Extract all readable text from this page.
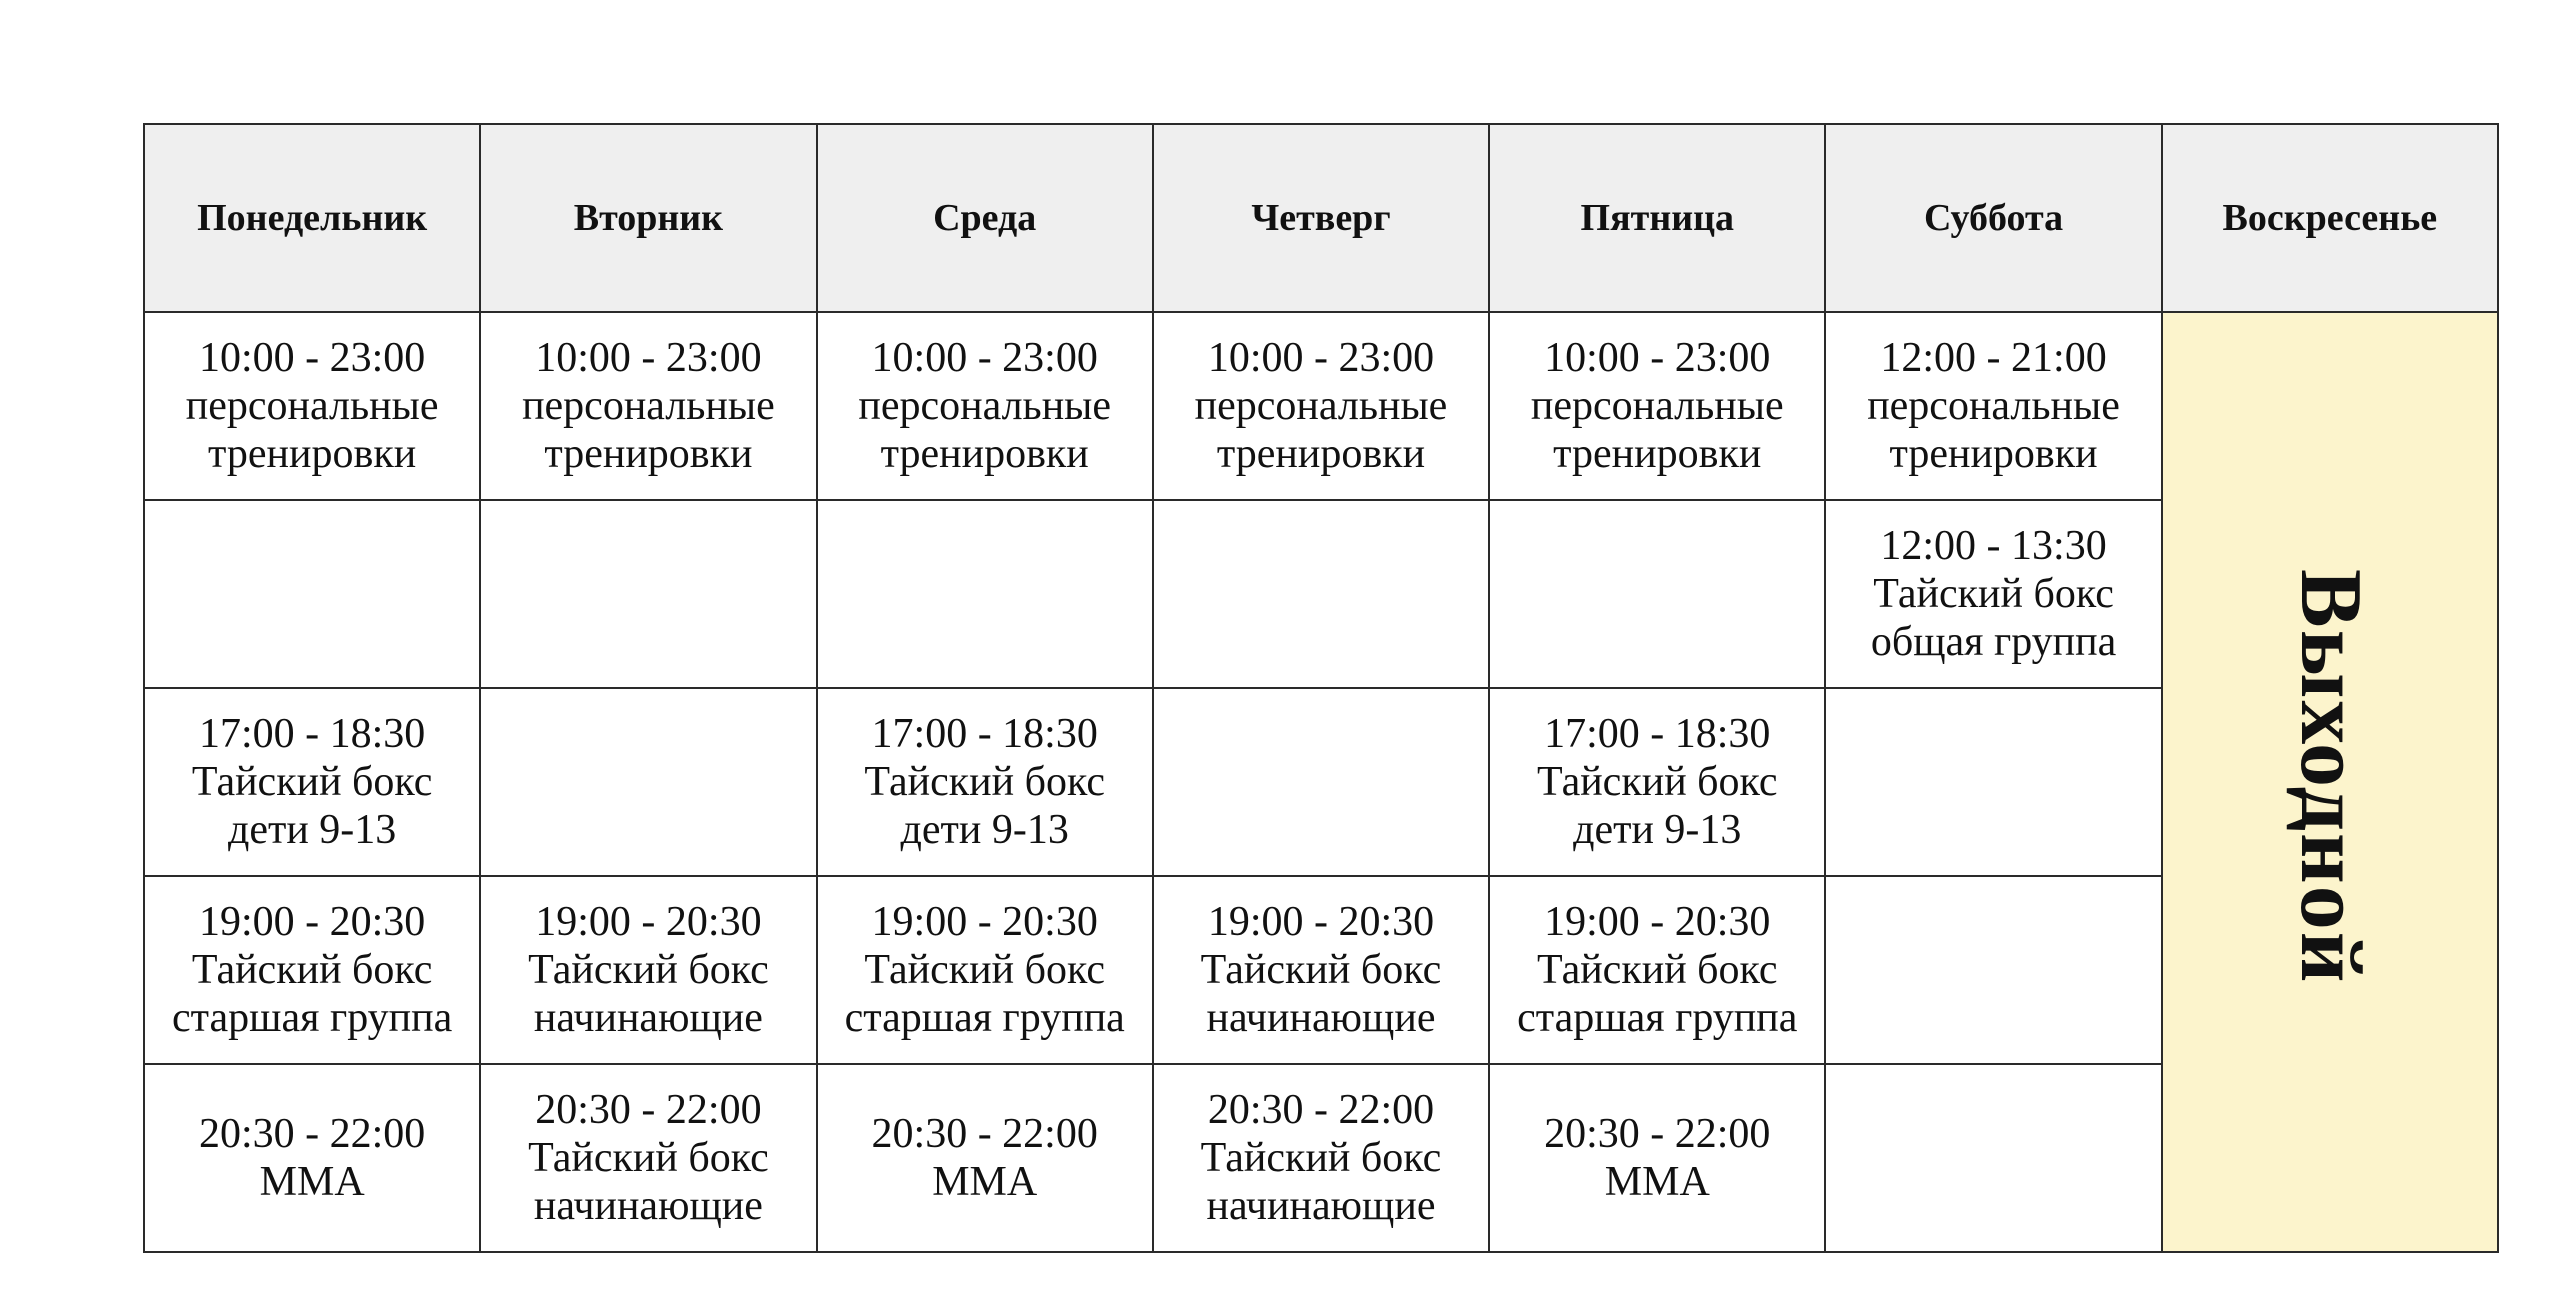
Понедельник	Вторник	Среда	Четверг	Пятница	Суббота	Воскресенье

10:00 - 23:00
персональные
тренировки	10:00 - 23:00
персональные
тренировки	10:00 - 23:00
персональные
тренировки	10:00 - 23:00
персональные
тренировки	10:00 - 23:00
персональные
тренировки	12:00 - 21:00
персональные
тренировки	Выходной

					12:00 - 13:30
Тайский бокс
общая группа	

17:00 - 18:30
Тайский бокс
дети 9-13		17:00 - 18:30
Тайский бокс
дети 9-13		17:00 - 18:30
Тайский бокс
дети 9-13		

19:00 - 20:30
Тайский бокс
старшая группа	19:00 - 20:30
Тайский бокс
начинающие	19:00 - 20:30
Тайский бокс
старшая группа	19:00 - 20:30
Тайский бокс
начинающие	19:00 - 20:30
Тайский бокс
старшая группа		

20:30 - 22:00
ММА	20:30 - 22:00
Тайский бокс
начинающие	20:30 - 22:00
ММА	20:30 - 22:00
Тайский бокс
начинающие	20:30 - 22:00
ММА		
